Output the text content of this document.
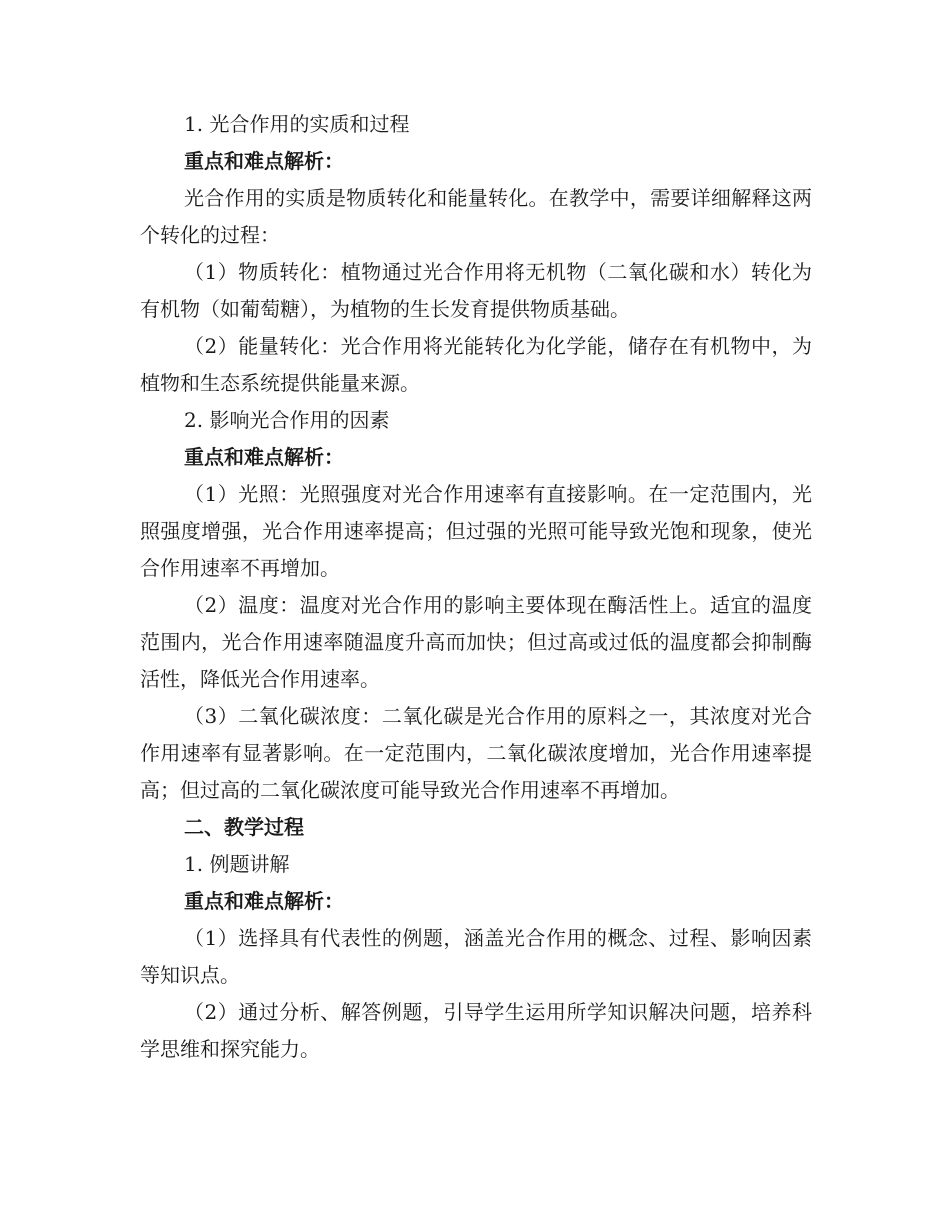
1. 光合作用的实质和过程

重点和难点解析：

光合作用的实质是物质转化和能量转化。在教学中，需要详细解释这两个转化的过程：

（1）物质转化：植物通过光合作用将无机物（二氧化碳和水）转化为有机物（如葡萄糖），为植物的生长发育提供物质基础。

（2）能量转化：光合作用将光能转化为化学能，储存在有机物中，为植物和生态系统提供能量来源。

2. 影响光合作用的因素

重点和难点解析：

（1）光照：光照强度对光合作用速率有直接影响。在一定范围内，光照强度增强，光合作用速率提高；但过强的光照可能导致光饱和现象，使光合作用速率不再增加。

（2）温度：温度对光合作用的影响主要体现在酶活性上。适宜的温度范围内，光合作用速率随温度升高而加快；但过高或过低的温度都会抑制酶活性，降低光合作用速率。

（3）二氧化碳浓度：二氧化碳是光合作用的原料之一，其浓度对光合作用速率有显著影响。在一定范围内，二氧化碳浓度增加，光合作用速率提高；但过高的二氧化碳浓度可能导致光合作用速率不再增加。

二、教学过程

1. 例题讲解

重点和难点解析：

（1）选择具有代表性的例题，涵盖光合作用的概念、过程、影响因素等知识点。

（2）通过分析、解答例题，引导学生运用所学知识解决问题，培养科学思维和探究能力。
